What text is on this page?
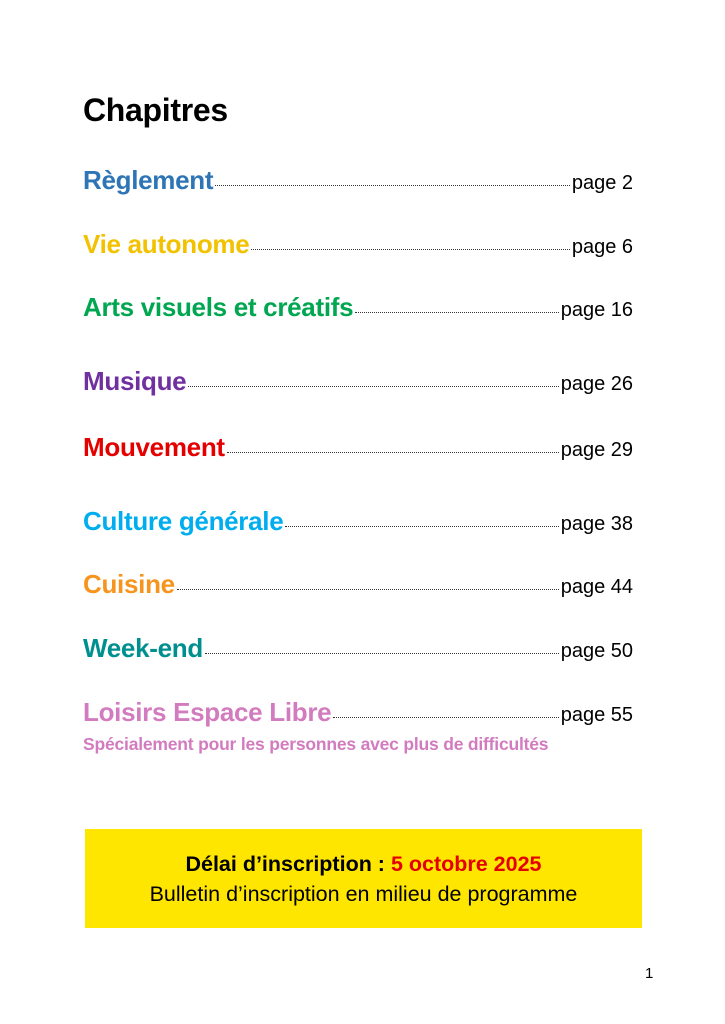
Chapitres
Règlement	page 2
Vie autonome	page 6
Arts visuels et créatifs	page 16
Musique	page 26
Mouvement	page 29
Culture générale	page 38
Cuisine	page 44
Week-end	page 50
Loisirs Espace Libre	page 55
Spécialement pour les personnes avec plus de difficultés
Délai d’inscription : 5 octobre 2025
Bulletin d’inscription en milieu de programme
1
